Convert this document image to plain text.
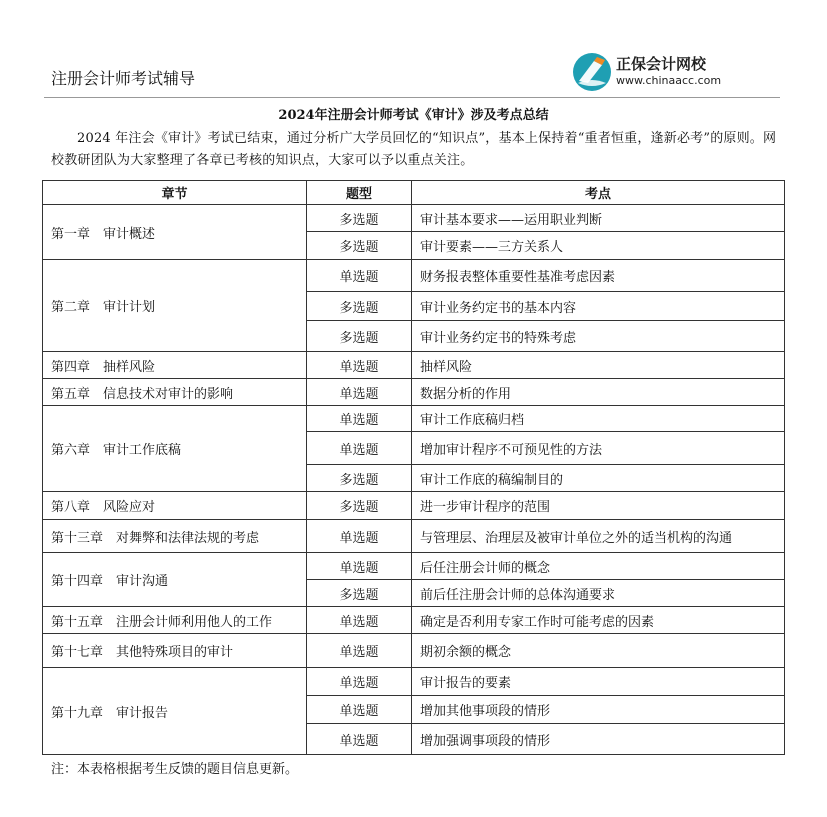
注册会计师考试辅导
正保会计网校
www.chinaacc.com
2024年注册会计师考试《审计》涉及考点总结

2024 年注会《审计》考试已结束，通过分析广大学员回忆的“知识点”，基本上保持着“重者恒重，逢新必考”的原则。网校教研团队为大家整理了各章已考核的知识点，大家可以予以重点关注。

章节	题型	考点
第一章　审计概述	多选题	审计基本要求——运用职业判断
	多选题	审计要素——三方关系人
第二章　审计计划	单选题	财务报表整体重要性基准考虑因素
	多选题	审计业务约定书的基本内容
	多选题	审计业务约定书的特殊考虑
第四章　抽样风险	单选题	抽样风险
第五章　信息技术对审计的影响	单选题	数据分析的作用
第六章　审计工作底稿	单选题	审计工作底稿归档
	单选题	增加审计程序不可预见性的方法
	多选题	审计工作底的稿编制目的
第八章　风险应对	多选题	进一步审计程序的范围
第十三章　对舞弊和法律法规的考虑	单选题	与管理层、治理层及被审计单位之外的适当机构的沟通
第十四章　审计沟通	单选题	后任注册会计师的概念
	多选题	前后任注册会计师的总体沟通要求
第十五章　注册会计师利用他人的工作	单选题	确定是否利用专家工作时可能考虑的因素
第十七章　其他特殊项目的审计	单选题	期初余额的概念
第十九章　审计报告	单选题	审计报告的要素
	单选题	增加其他事项段的情形
	单选题	增加强调事项段的情形
注：本表格根据考生反馈的题目信息更新。
